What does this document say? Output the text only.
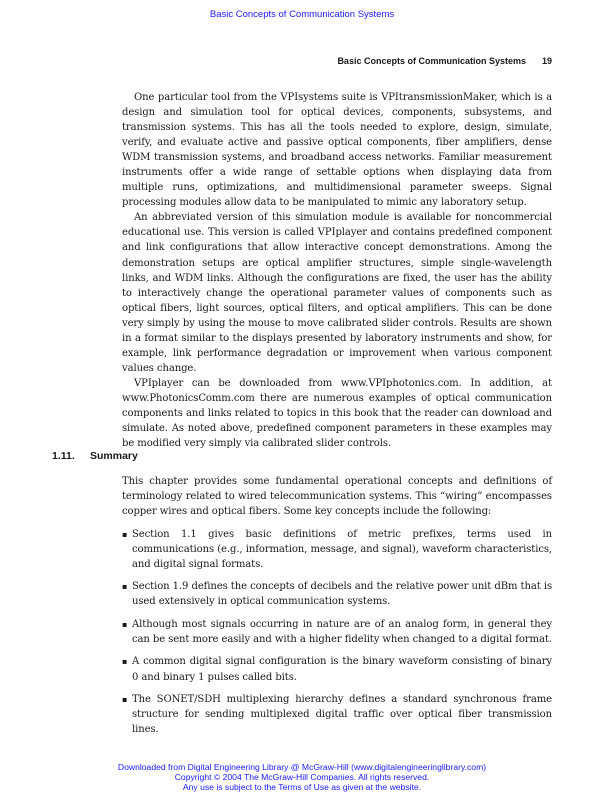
Basic Concepts of Communication Systems
Basic Concepts of Communication Systems 19

One particular tool from the VPIsystems suite is VPItransmissionMaker, which is a design and simulation tool for optical devices, components, subsystems, and transmission systems. This has all the tools needed to explore, design, simulate, verify, and evaluate active and passive optical components, fiber amplifiers, dense WDM transmission systems, and broadband access networks. Familiar measurement instruments offer a wide range of settable options when displaying data from multiple runs, optimizations, and multidimensional parameter sweeps. Signal processing modules allow data to be manipulated to mimic any laboratory setup.

An abbreviated version of this simulation module is available for noncommercial educational use. This version is called VPIplayer and contains predefined component and link configurations that allow interactive concept demonstrations. Among the demonstration setups are optical amplifier structures, simple single-wavelength links, and WDM links. Although the configurations are fixed, the user has the ability to interactively change the operational parameter values of components such as optical fibers, light sources, optical filters, and optical amplifiers. This can be done very simply by using the mouse to move calibrated slider controls. Results are shown in a format similar to the displays presented by laboratory instruments and show, for example, link performance degradation or improvement when various component values change.

VPIplayer can be downloaded from www.VPIphotonics.com. In addition, at www.PhotonicsComm.com there are numerous examples of optical communication components and links related to topics in this book that the reader can download and simulate. As noted above, predefined component parameters in these examples may be modified very simply via calibrated slider controls.

1.11. Summary

This chapter provides some fundamental operational concepts and definitions of terminology related to wired telecommunication systems. This “wiring” encompasses copper wires and optical fibers. Some key concepts include the following:

▪ Section 1.1 gives basic definitions of metric prefixes, terms used in communications (e.g., information, message, and signal), waveform characteristics, and digital signal formats.
▪ Section 1.9 defines the concepts of decibels and the relative power unit dBm that is used extensively in optical communication systems.
▪ Although most signals occurring in nature are of an analog form, in general they can be sent more easily and with a higher fidelity when changed to a digital format.
▪ A common digital signal configuration is the binary waveform consisting of binary 0 and binary 1 pulses called bits.
▪ The SONET/SDH multiplexing hierarchy defines a standard synchronous frame structure for sending multiplexed digital traffic over optical fiber transmission lines.
Downloaded from Digital Engineering Library @ McGraw-Hill (www.digitalengineeringlibrary.com)
Copyright © 2004 The McGraw-Hill Companies. All rights reserved.
Any use is subject to the Terms of Use as given at the website.
